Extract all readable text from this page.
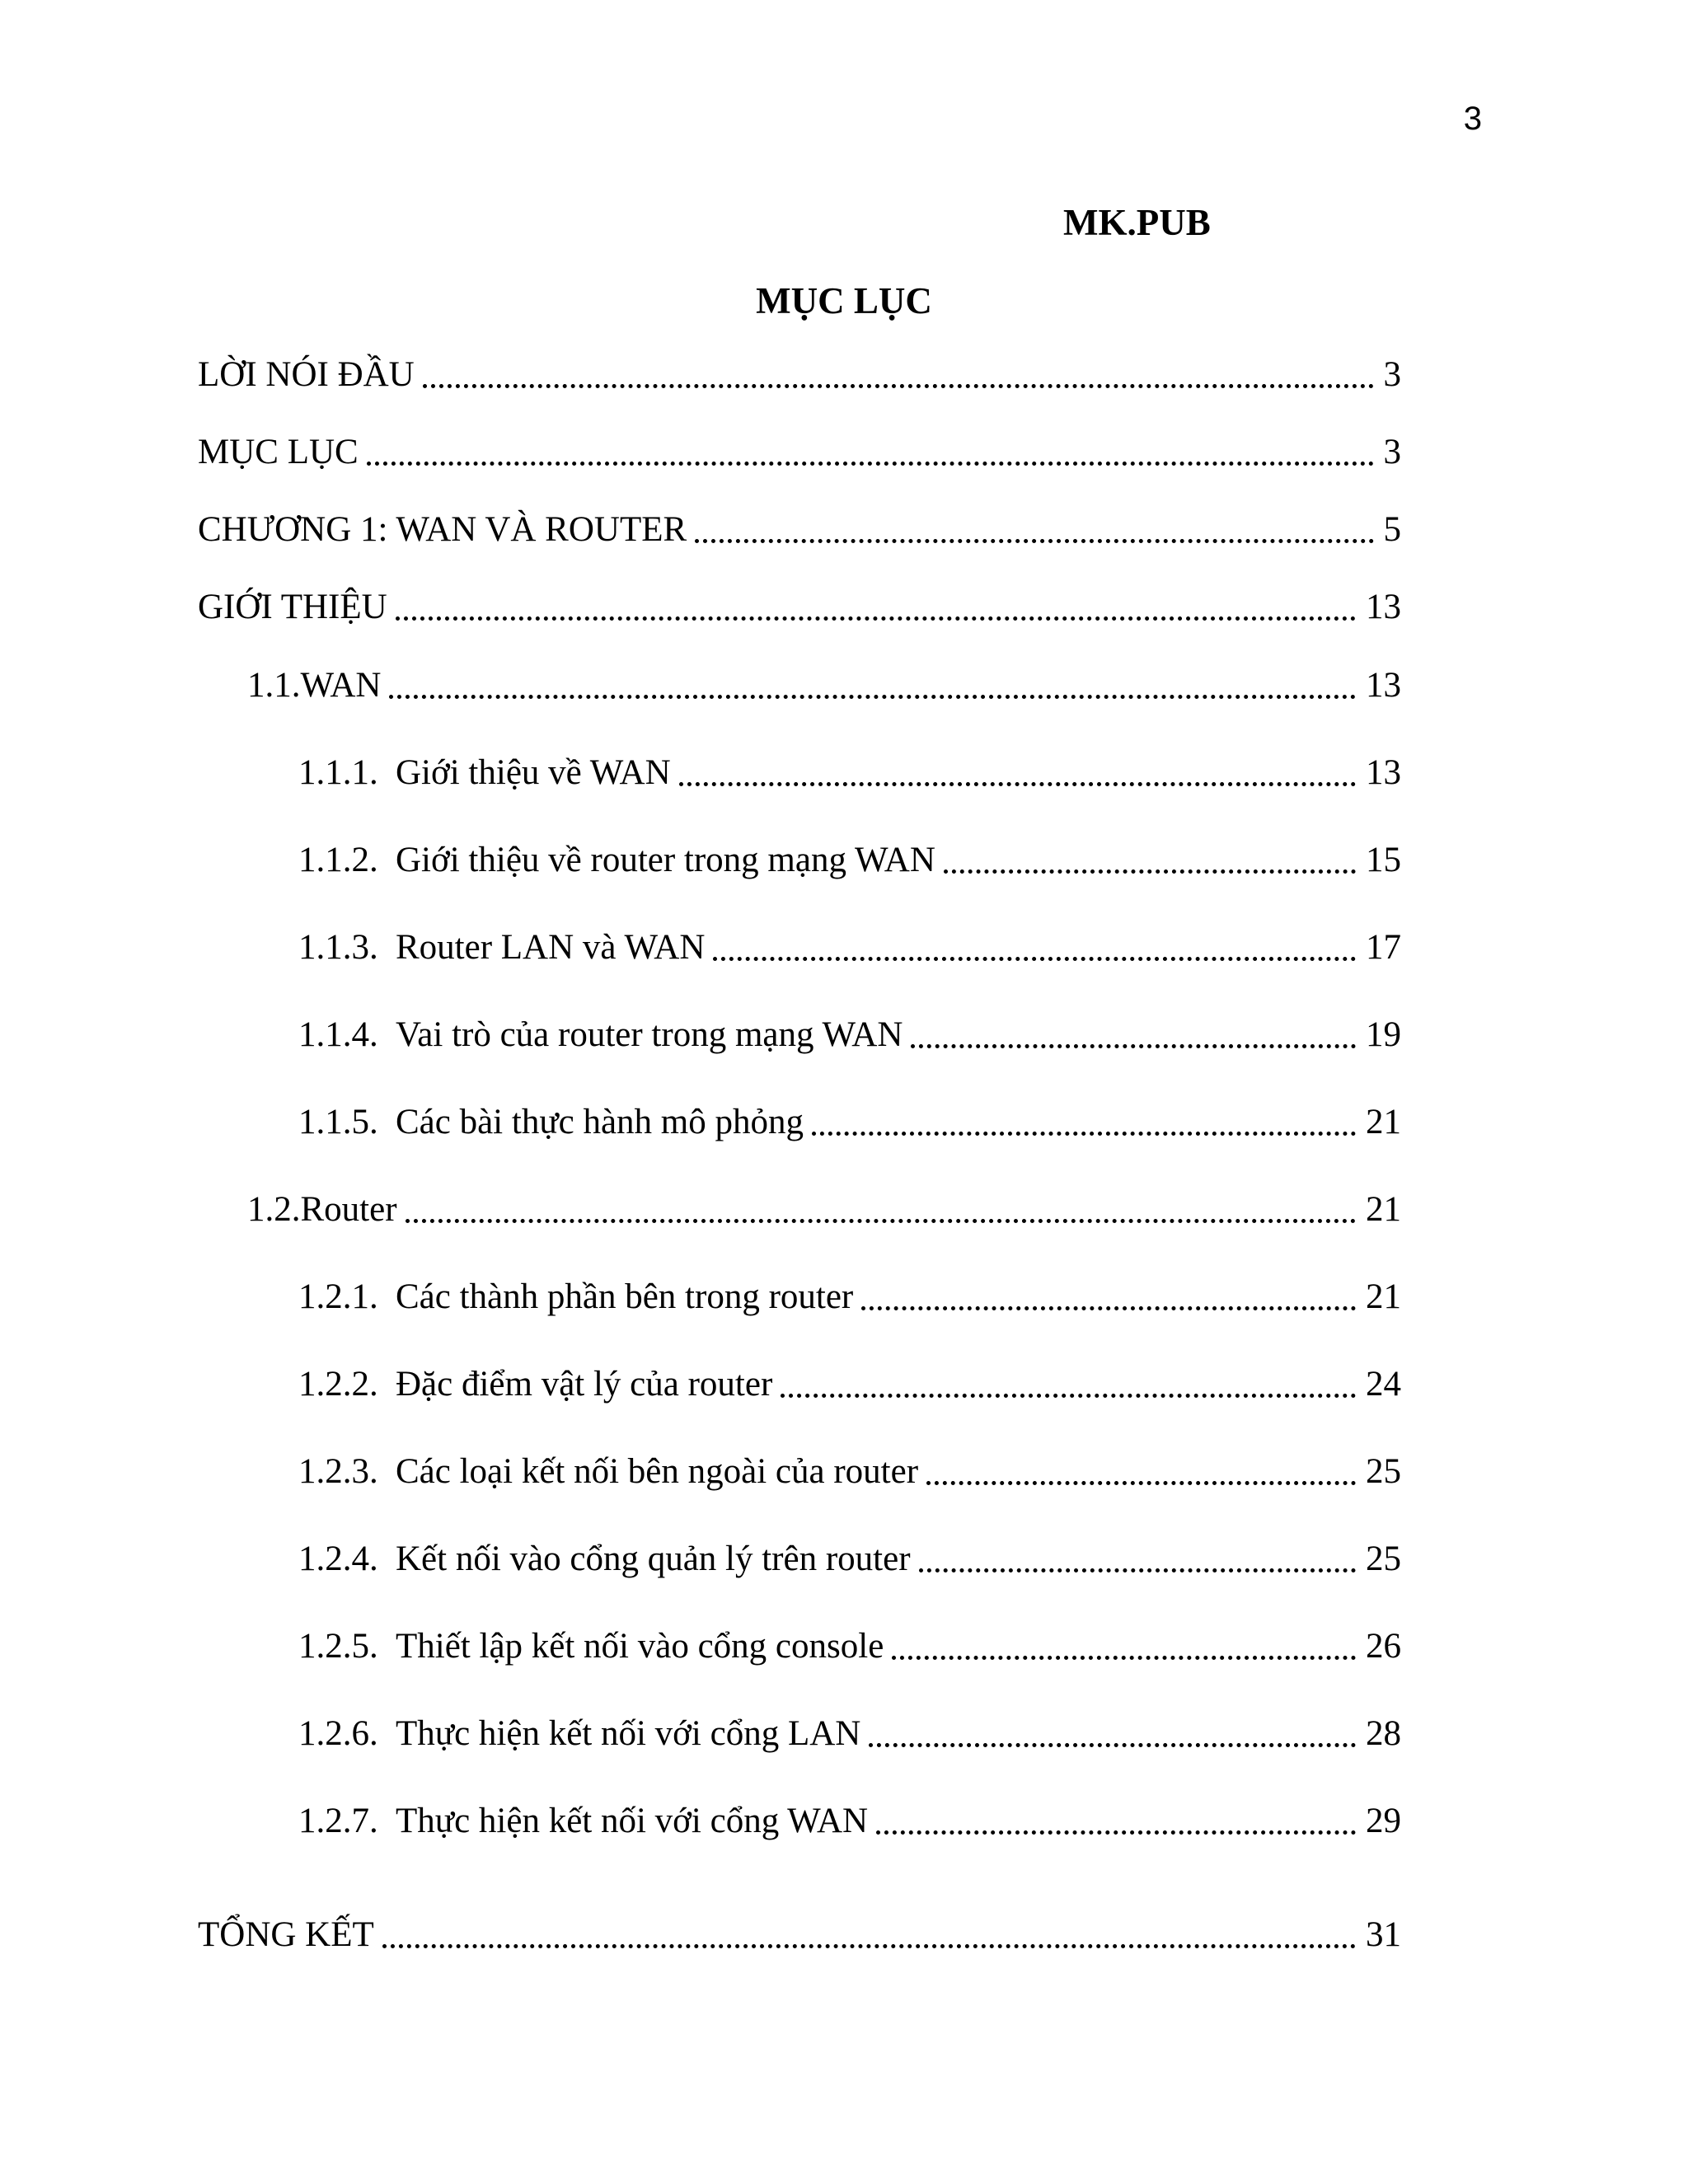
3
MK.PUB
MỤC LỤC
LỜI NÓI ĐẦU	3
MỤC LỤC	3
CHƯƠNG 1: WAN VÀ ROUTER	5
GIỚI THIỆU	13
1.1.WAN	13
1.1.1. Giới thiệu về WAN	13
1.1.2. Giới thiệu về router trong mạng WAN	15
1.1.3. Router LAN và WAN	17
1.1.4. Vai trò của router trong mạng WAN	19
1.1.5. Các bài thực hành mô phỏng	21
1.2.Router	21
1.2.1. Các thành phần bên trong router	21
1.2.2. Đặc điểm vật lý của router	24
1.2.3. Các loại kết nối bên ngoài của router	25
1.2.4. Kết nối vào cổng quản lý trên router	25
1.2.5. Thiết lập kết nối vào cổng console	26
1.2.6. Thực hiện kết nối với cổng LAN	28
1.2.7. Thực hiện kết nối với cổng WAN	29
TỔNG KẾT	31
